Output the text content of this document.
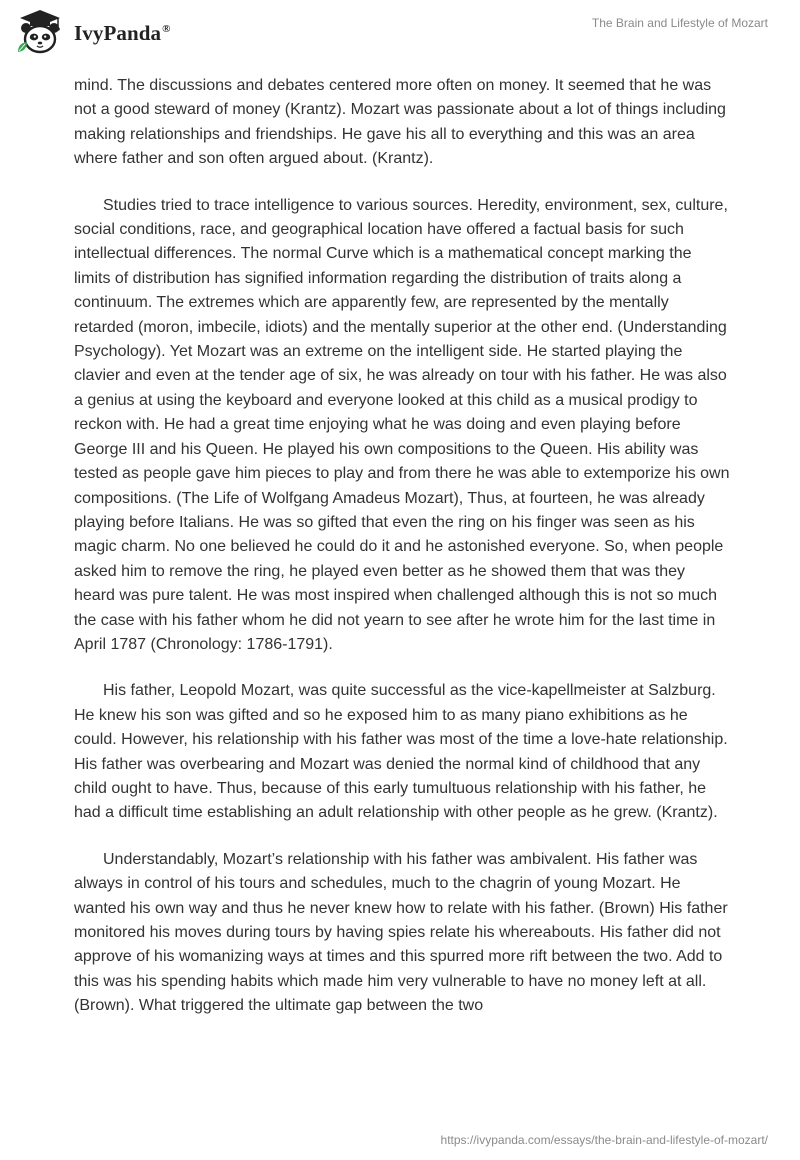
IvyPanda®	The Brain and Lifestyle of Mozart

mind. The discussions and debates centered more often on money. It seemed that he was not a good steward of money (Krantz). Mozart was passionate about a lot of things including making relationships and friendships. He gave his all to everything and this was an area where father and son often argued about. (Krantz).

Studies tried to trace intelligence to various sources. Heredity, environment, sex, culture, social conditions, race, and geographical location have offered a factual basis for such intellectual differences. The normal Curve which is a mathematical concept marking the limits of distribution has signified information regarding the distribution of traits along a continuum. The extremes which are apparently few, are represented by the mentally retarded (moron, imbecile, idiots) and the mentally superior at the other end. (Understanding Psychology). Yet Mozart was an extreme on the intelligent side. He started playing the clavier and even at the tender age of six, he was already on tour with his father. He was also a genius at using the keyboard and everyone looked at this child as a musical prodigy to reckon with. He had a great time enjoying what he was doing and even playing before George III and his Queen. He played his own compositions to the Queen. His ability was tested as people gave him pieces to play and from there he was able to extemporize his own compositions. (The Life of Wolfgang Amadeus Mozart), Thus, at fourteen, he was already playing before Italians. He was so gifted that even the ring on his finger was seen as his magic charm. No one believed he could do it and he astonished everyone. So, when people asked him to remove the ring, he played even better as he showed them that was they heard was pure talent. He was most inspired when challenged although this is not so much the case with his father whom he did not yearn to see after he wrote him for the last time in April 1787 (Chronology: 1786-1791).

His father, Leopold Mozart, was quite successful as the vice-kapellmeister at Salzburg. He knew his son was gifted and so he exposed him to as many piano exhibitions as he could. However, his relationship with his father was most of the time a love-hate relationship. His father was overbearing and Mozart was denied the normal kind of childhood that any child ought to have. Thus, because of this early tumultuous relationship with his father, he had a difficult time establishing an adult relationship with other people as he grew. (Krantz).

Understandably, Mozart’s relationship with his father was ambivalent. His father was always in control of his tours and schedules, much to the chagrin of young Mozart. He wanted his own way and thus he never knew how to relate with his father. (Brown) His father monitored his moves during tours by having spies relate his whereabouts. His father did not approve of his womanizing ways at times and this spurred more rift between the two. Add to this was his spending habits which made him very vulnerable to have no money left at all. (Brown). What triggered the ultimate gap between the two

https://ivypanda.com/essays/the-brain-and-lifestyle-of-mozart/
